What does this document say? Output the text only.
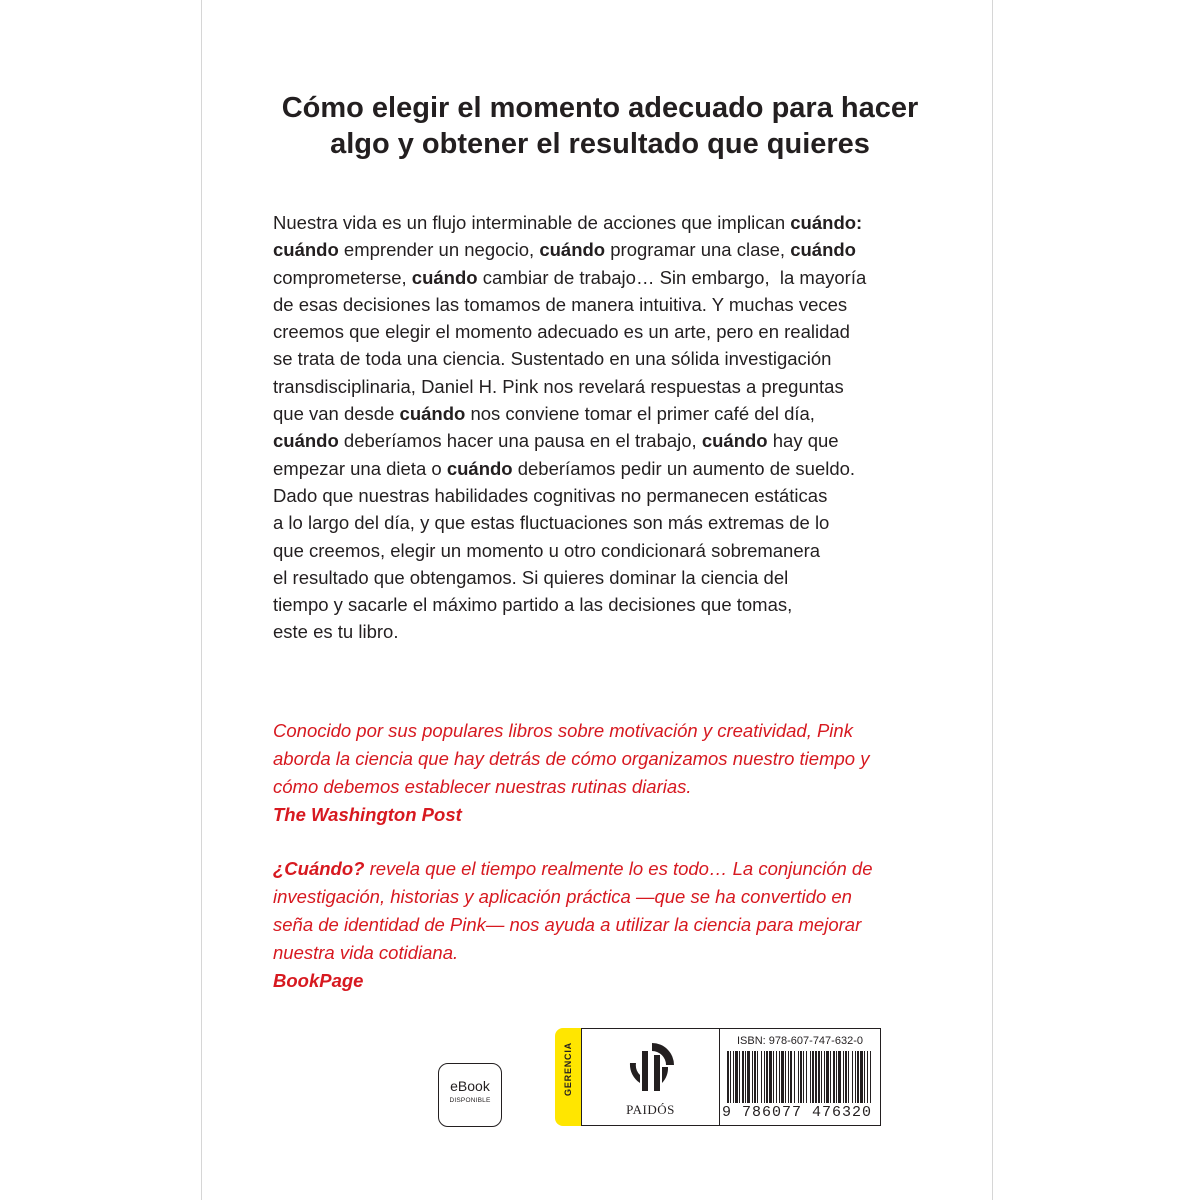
Cómo elegir el momento adecuado para hacer
algo y obtener el resultado que quieres
Nuestra vida es un flujo interminable de acciones que implican cuándo:
cuándo emprender un negocio, cuándo programar una clase, cuándo
comprometerse, cuándo cambiar de trabajo… Sin embargo,  la mayoría
de esas decisiones las tomamos de manera intuitiva. Y muchas veces
creemos que elegir el momento adecuado es un arte, pero en realidad
se trata de toda una ciencia. Sustentado en una sólida investigación
transdisciplinaria, Daniel H. Pink nos revelará respuestas a preguntas
que van desde cuándo nos conviene tomar el primer café del día,
cuándo deberíamos hacer una pausa en el trabajo, cuándo hay que
empezar una dieta o cuándo deberíamos pedir un aumento de sueldo.
Dado que nuestras habilidades cognitivas no permanecen estáticas
a lo largo del día, y que estas fluctuaciones son más extremas de lo
que creemos, elegir un momento u otro condicionará sobremanera
el resultado que obtengamos. Si quieres dominar la ciencia del
tiempo y sacarle el máximo partido a las decisiones que tomas,
este es tu libro.
Conocido por sus populares libros sobre motivación y creatividad, Pink
aborda la ciencia que hay detrás de cómo organizamos nuestro tiempo y
cómo debemos establecer nuestras rutinas diarias.
The Washington Post
¿Cuándo? revela que el tiempo realmente lo es todo… La conjunción de
investigación, historias y aplicación práctica —que se ha convertido en
seña de identidad de Pink— nos ayuda a utilizar la ciencia para mejorar
nuestra vida cotidiana.
BookPage
eBook
DISPONIBLE
GERENCIA
PAIDÓS
ISBN: 978-607-747-632-0
9 786077 476320
